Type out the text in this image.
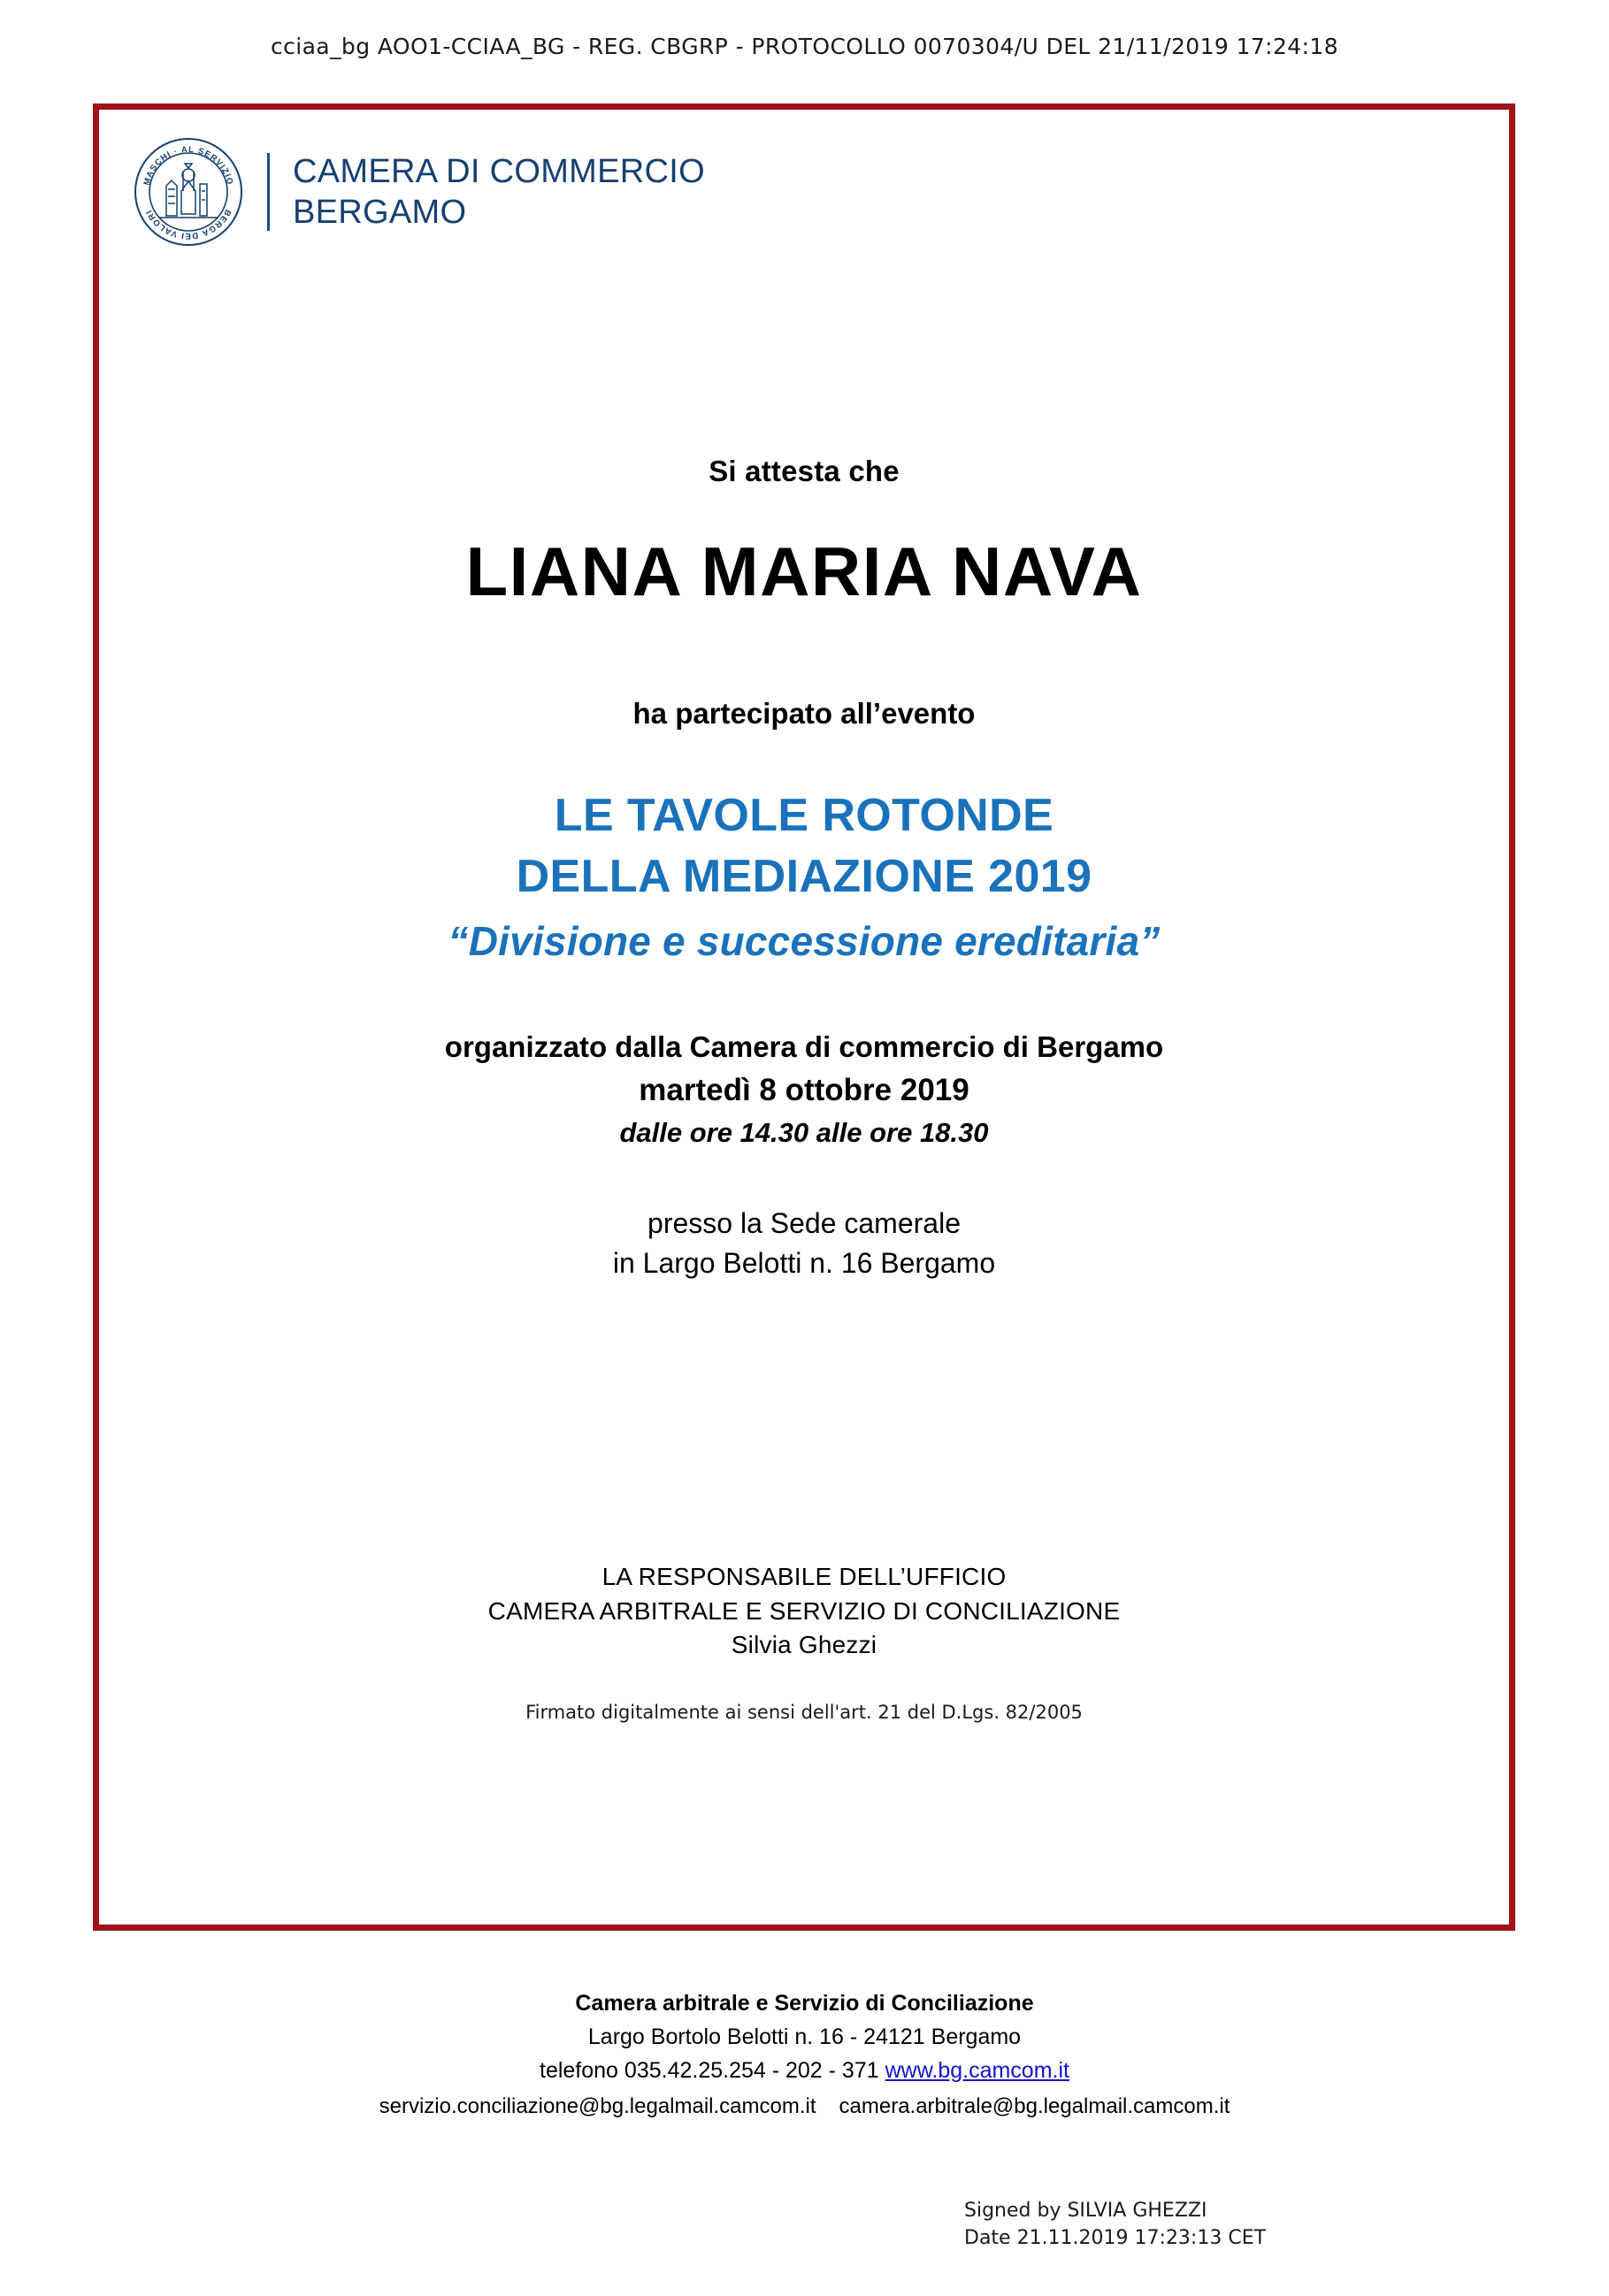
cciaa_bg AOO1-CCIAA_BG - REG. CBGRP - PROTOCOLLO 0070304/U DEL 21/11/2019 17:24:18
MASCHI · AL SERVIZIO
BERGA DEI VALORI
CAMERA DI COMMERCIO
BERGAMO

Si attesta che

LIANA MARIA NAVA

ha partecipato all’evento

LE TAVOLE ROTONDE
DELLA MEDIAZIONE 2019

“Divisione e successione ereditaria”

organizzato dalla Camera di commercio di Bergamo

martedì 8 ottobre 2019

dalle ore 14.30 alle ore 18.30

presso la Sede camerale
in Largo Belotti n. 16 Bergamo

LA RESPONSABILE DELL’UFFICIO

CAMERA ARBITRALE E SERVIZIO DI CONCILIAZIONE

Silvia Ghezzi

Firmato digitalmente ai sensi dell'art. 21 del D.Lgs. 82/2005

Camera arbitrale e Servizio di Conciliazione

Largo Bortolo Belotti n. 16 - 24121 Bergamo

telefono 035.42.25.254 - 202 - 371 www.bg.camcom.it

servizio.conciliazione@bg.legalmail.camcom.it camera.arbitrale@bg.legalmail.camcom.it

Signed by SILVIA GHEZZI

Date 21.11.2019 17:23:13 CET
